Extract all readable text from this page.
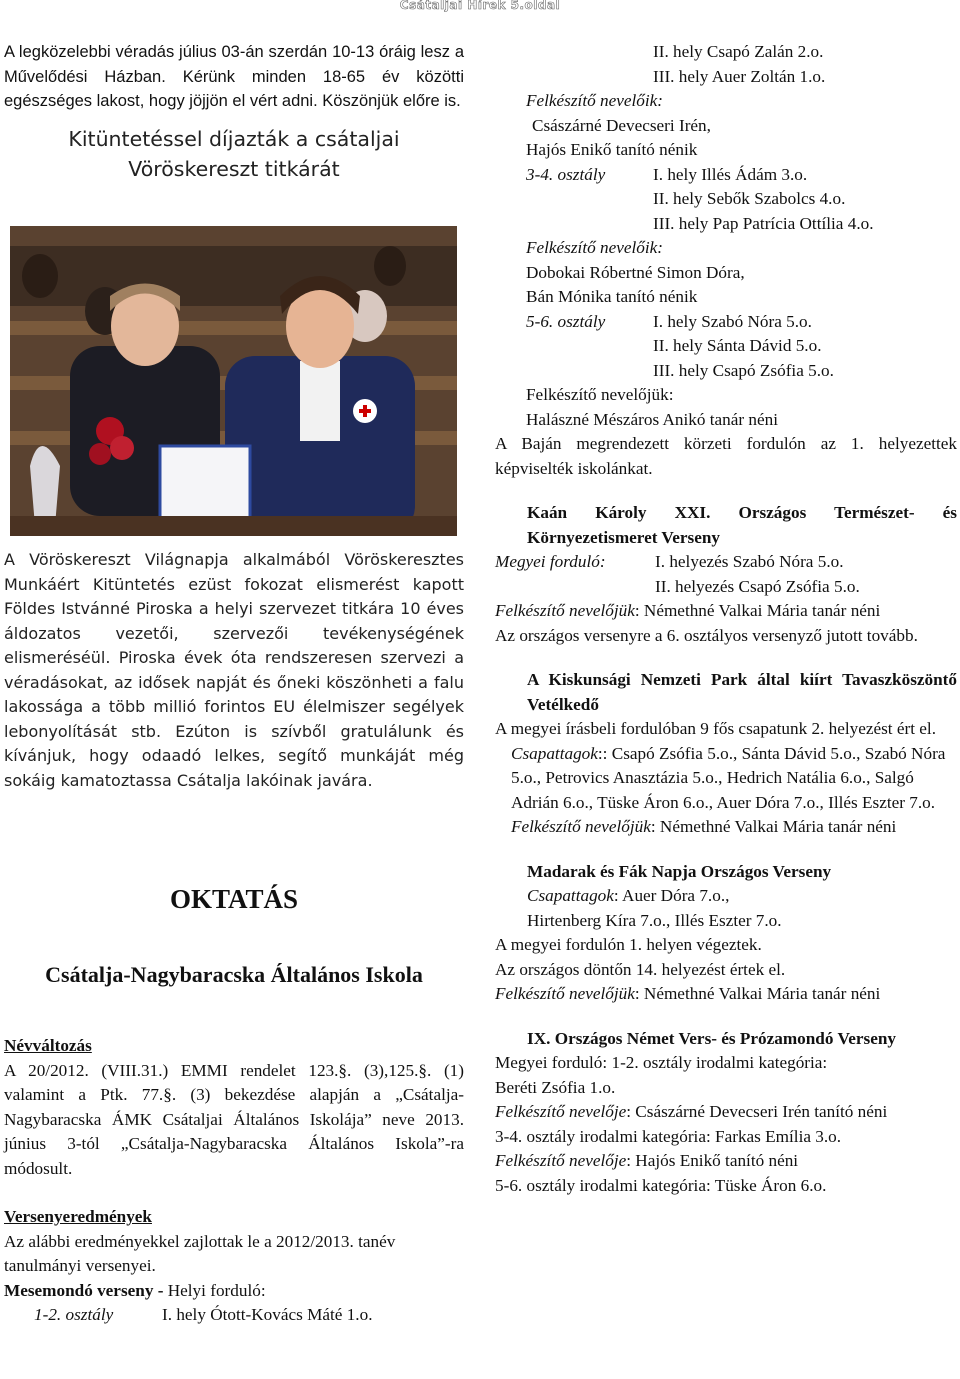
Csátaljai Hírek 5.oldal

A legközelebbi véradás július 03-án szerdán 10-13 óráig lesz a Művelődési Házban. Kérünk minden 18-65 év közötti egészséges lakost, hogy jöjjön el vért adni. Köszönjük előre is.

Kitüntetéssel díjazták a csátaljai
Vöröskereszt titkárát

A Vöröskereszt Világnapja alkalmából Vöröskeresztes Munkáért Kitüntetés ezüst fokozat elismerést kapott Földes Istvánné Piroska a helyi szervezet titkára 10 éves áldozatos vezetői, szervezői tevékenységének elismeréséül. Piroska évek óta rendszeresen szervezi a véradásokat, az idősek napját és őneki köszönheti a falu lakossága a több millió forintos EU élelmiszer segélyek lebonyolítását stb. Ezúton is szívből gratulálunk és kívánjuk, hogy odaadó lelkes, segítő munkáját még sokáig kamatoztassa Csátalja lakóinak javára.

OKTATÁS

Csátalja-Nagybaracska Általános Iskola

Névváltozás

A 20/2012. (VIII.31.) EMMI rendelet 123.§. (3),125.§. (1) valamint a Ptk. 77.§. (3) bekezdése alapján a „Csátalja-Nagybaracska ÁMK Csátaljai Általános Iskolája” neve 2013. június 3-tól „Csátalja-Nagybaracska Általános Iskola”-ra módosult.

Versenyeredmények

Az alábbi eredményekkel zajlottak le a 2012/2013. tanév tanulmányi versenyei.

Mesemondó verseny - Helyi forduló:

1-2. osztály	I. hely Ótott-Kovács Máté 1.o.

II. hely Csapó Zalán 2.o.

III. hely Auer Zoltán 1.o.

Felkészítő nevelőik:

Császárné Devecseri Irén,

Hajós Enikő tanító nénik

3-4. osztály	I. hely Illés Ádám 3.o.

II. hely Sebők Szabolcs 4.o.

III. hely Pap Patrícia Ottília 4.o.

Felkészítő nevelőik:

Dobokai Róbertné Simon Dóra,

Bán Mónika tanító nénik

5-6. osztály	I. hely Szabó Nóra 5.o.

II. hely Sánta Dávid 5.o.

III. hely Csapó Zsófia 5.o.

Felkészítő nevelőjük:

Halászné Mészáros Anikó tanár néni

A Baján megrendezett körzeti fordulón az 1. helyezettek képviselték iskolánkat.

Kaán Károly XXI. Országos Természet- és Környezetismeret Verseny

Megyei forduló:	I. helyezés Szabó Nóra 5.o.

II. helyezés Csapó Zsófia 5.o.

Felkészítő nevelőjük: Némethné Valkai Mária tanár néni

Az országos versenyre a 6. osztályos versenyző jutott tovább.

A Kiskunsági Nemzeti Park által kiírt Tavaszköszöntő Vetélkedő

A megyei írásbeli fordulóban 9 fős csapatunk 2. helyezést ért el.

Csapattagok:: Csapó Zsófia 5.o., Sánta Dávid 5.o., Szabó Nóra 5.o., Petrovics Anasztázia 5.o., Hedrich Natália 6.o., Salgó Adrián 6.o., Tüske Áron 6.o., Auer Dóra 7.o., Illés Eszter 7.o.

Felkészítő nevelőjük: Némethné Valkai Mária tanár néni

Madarak és Fák Napja Országos Verseny

Csapattagok: Auer Dóra 7.o.,

Hirtenberg Kíra 7.o., Illés Eszter 7.o.

A megyei fordulón 1. helyen végeztek.

Az országos döntőn 14. helyezést értek el.

Felkészítő nevelőjük: Némethné Valkai Mária tanár néni

IX. Országos Német Vers- és Prózamondó Verseny

Megyei forduló: 1-2. osztály irodalmi kategória:

Beréti Zsófia 1.o.

Felkészítő nevelője: Császárné Devecseri Irén tanító néni

3-4. osztály irodalmi kategória: Farkas Emília 3.o.

Felkészítő nevelője: Hajós Enikő tanító néni

5-6. osztály irodalmi kategória: Tüske Áron 6.o.
